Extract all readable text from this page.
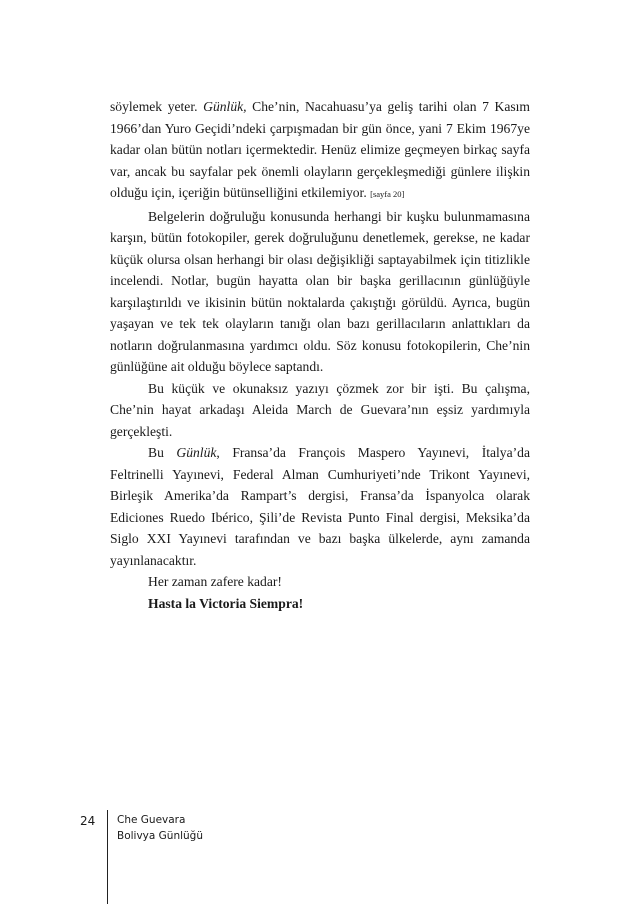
söylemek yeter. Günlük, Che’nin, Nacahuasu’ya geliş tarihi olan 7 Kasım 1966’dan Yuro Geçidi’ndeki çarpışmadan bir gün önce, yani 7 Ekim 1967ye kadar olan bütün notları içermektedir. Henüz elimize geçmeyen birkaç sayfa var, ancak bu sayfalar pek önemli olayların gerçekleşmediği günlere ilişkin olduğu için, içeriğin bütünselliğini etkilemiyor. [sayfa 20]

Belgelerin doğruluğu konusunda herhangi bir kuşku bulunmamasına karşın, bütün fotokopiler, gerek doğruluğunu denetlemek, gerekse, ne kadar küçük olursa olsan herhangi bir olası değişikliği saptayabilmek için titizlikle incelendi. Notlar, bugün hayatta olan bir başka gerillacının günlüğüyle karşılaştırıldı ve ikisinin bütün noktalarda çakıştığı görüldü. Ayrıca, bugün yaşayan ve tek tek olayların tanığı olan bazı gerillacıların anlattıkları da notların doğrulanmasına yardımcı oldu. Söz konusu fotokopilerin, Che’nin günlüğüne ait olduğu böylece saptandı.

Bu küçük ve okunaksız yazıyı çözmek zor bir işti. Bu çalışma, Che’nin hayat arkadaşı Aleida March de Guevara’nın eşsiz yardımıyla gerçekleşti.

Bu Günlük, Fransa’da François Maspero Yayınevi, İtalya’da Feltrinelli Yayınevi, Federal Alman Cumhuriyeti’nde Trikont Yayınevi, Birleşik Amerika’da Rampart’s dergisi, Fransa’da İspanyolca olarak Ediciones Ruedo Ibérico, Şili’de Revista Punto Final dergisi, Meksika’da Siglo XXI Yayınevi tarafından ve bazı başka ülkelerde, aynı zamanda yayınlanacaktır.

Her zaman zafere kadar!

Hasta la Victoria Siempra!

24 Che Guevara
Bolivya Günlüğü
